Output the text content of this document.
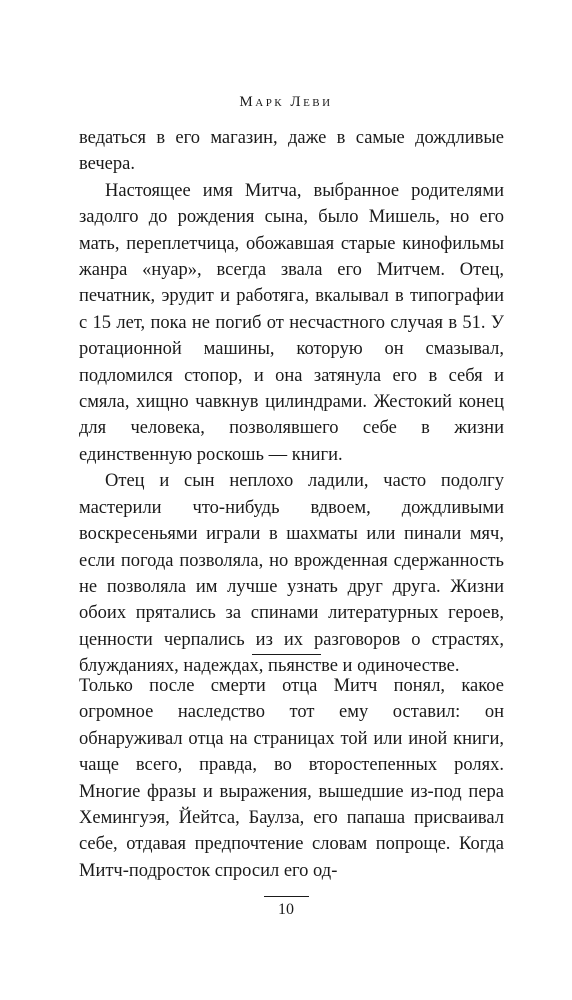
Марк Леви

ведаться в его магазин, даже в самые дождливые вечера.

Настоящее имя Митча, выбранное родителями задолго до рождения сына, было Мишель, но его мать, переплетчица, обожавшая старые кинофильмы жанра «нуар», всегда звала его Митчем. Отец, печатник, эрудит и работяга, вкалывал в типографии с 15 лет, пока не погиб от несчастного случая в 51. У ротационной машины, которую он смазывал, подломился стопор, и она затянула его в себя и смяла, хищно чавкнув цилиндрами. Жестокий конец для человека, позволявшего себе в жизни единственную роскошь — книги.

Отец и сын неплохо ладили, часто подолгу мастерили что-нибудь вдвоем, дождливыми воскресеньями играли в шахматы или пинали мяч, если погода позволяла, но врожденная сдержанность не позволяла им лучше узнать друг друга. Жизни обоих прятались за спинами литературных героев, ценности черпались из их разговоров о страстях, блужданиях, надеждах, пьянстве и одиночестве.

Только после смерти отца Митч понял, какое огромное наследство тот ему оставил: он обнаруживал отца на страницах той или иной книги, чаще всего, правда, во второстепенных ролях. Многие фразы и выражения, вышедшие из-под пера Хемингуэя, Йейтса, Баулза, его папаша присваивал себе, отдавая предпочтение словам попроще. Когда Митч-подросток спросил его од-

10
